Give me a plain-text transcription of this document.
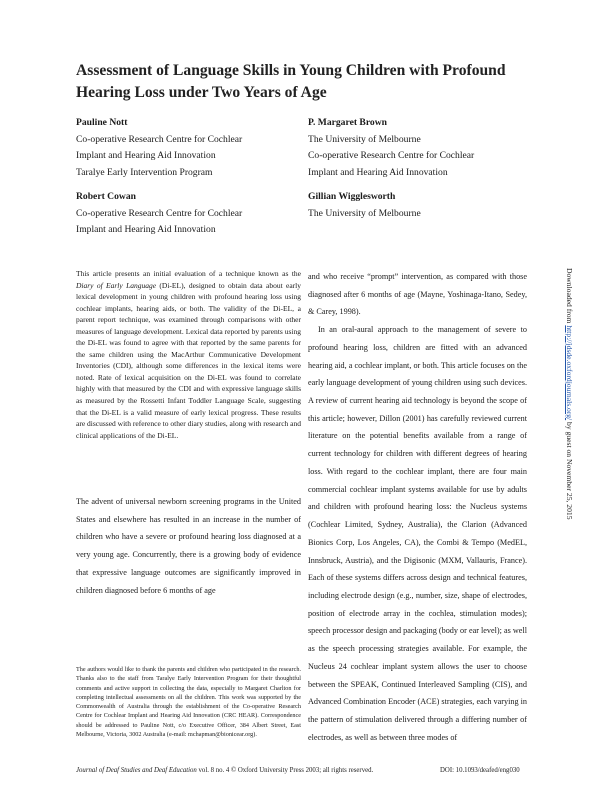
Assessment of Language Skills in Young Children with Profound Hearing Loss under Two Years of Age
Pauline Nott
Co-operative Research Centre for Cochlear
Implant and Hearing Aid Innovation
Taralye Early Intervention Program
Robert Cowan
Co-operative Research Centre for Cochlear
Implant and Hearing Aid Innovation
P. Margaret Brown
The University of Melbourne
Co-operative Research Centre for Cochlear
Implant and Hearing Aid Innovation
Gillian Wigglesworth
The University of Melbourne
This article presents an initial evaluation of a technique known as the Diary of Early Language (Di-EL), designed to obtain data about early lexical development in young children with profound hearing loss using cochlear implants, hearing aids, or both. The validity of the Di-EL, a parent report technique, was examined through comparisons with other measures of language development. Lexical data reported by parents using the Di-EL was found to agree with that reported by the same parents for the same children using the MacArthur Communicative Development Inventories (CDI), although some differences in the lexical items were noted. Rate of lexical acquisition on the Di-EL was found to correlate highly with that measured by the CDI and with expressive language skills as measured by the Rossetti Infant Toddler Language Scale, suggesting that the Di-EL is a valid measure of early lexical progress. These results are discussed with reference to other diary studies, along with research and clinical applications of the Di-EL.
The advent of universal newborn screening programs in the United States and elsewhere has resulted in an increase in the number of children who have a severe or profound hearing loss diagnosed at a very young age. Concurrently, there is a growing body of evidence that expressive language outcomes are significantly improved in children diagnosed before 6 months of age

and who receive “prompt” intervention, as compared with those diagnosed after 6 months of age (Mayne, Yoshinaga-Itano, Sedey, & Carey, 1998).

In an oral-aural approach to the management of severe to profound hearing loss, children are fitted with an advanced hearing aid, a cochlear implant, or both. This article focuses on the early language development of young children using such devices. A review of current hearing aid technology is beyond the scope of this article; however, Dillon (2001) has carefully reviewed current literature on the potential benefits available from a range of current technology for children with different degrees of hearing loss. With regard to the cochlear implant, there are four main commercial cochlear implant systems available for use by adults and children with profound hearing loss: the Nucleus systems (Cochlear Limited, Sydney, Australia), the Clarion (Advanced Bionics Corp, Los Angeles, CA), the Combi & Tempo (MedEL, Innsbruck, Austria), and the Digisonic (MXM, Vallauris, France). Each of these systems differs across design and technical features, including electrode design (e.g., number, size, shape of electrodes, position of electrode array in the cochlea, stimulation modes); speech processor design and packaging (body or ear level); as well as the speech processing strategies available. For example, the Nucleus 24 cochlear implant system allows the user to choose between the SPEAK, Continued Interleaved Sampling (CIS), and Advanced Combination Encoder (ACE) strategies, each varying in the pattern of stimulation delivered through a differing number of electrodes, as well as between three modes of

The authors would like to thank the parents and children who participated in the research. Thanks also to the staff from Taralye Early Intervention Program for their thoughtful comments and active support in collecting the data, especially to Margaret Charlton for completing intellectual assessments on all the children. This work was supported by the Commonwealth of Australia through the establishment of the Co-operative Research Centre for Cochlear Implant and Hearing Aid Innovation (CRC HEAR). Correspondence should be addressed to Pauline Nott, c/o Executive Officer, 384 Albert Street, East Melbourne, Victoria, 3002 Australia (e-mail: mchapman@bionicear.org).
Journal of Deaf Studies and Deaf Education vol. 8 no. 4 © Oxford University Press 2003; all rights reserved.	DOI: 10.1093/deafed/eng030
Downloaded from http://jdsde.oxfordjournals.org/ by guest on November 25, 2015
